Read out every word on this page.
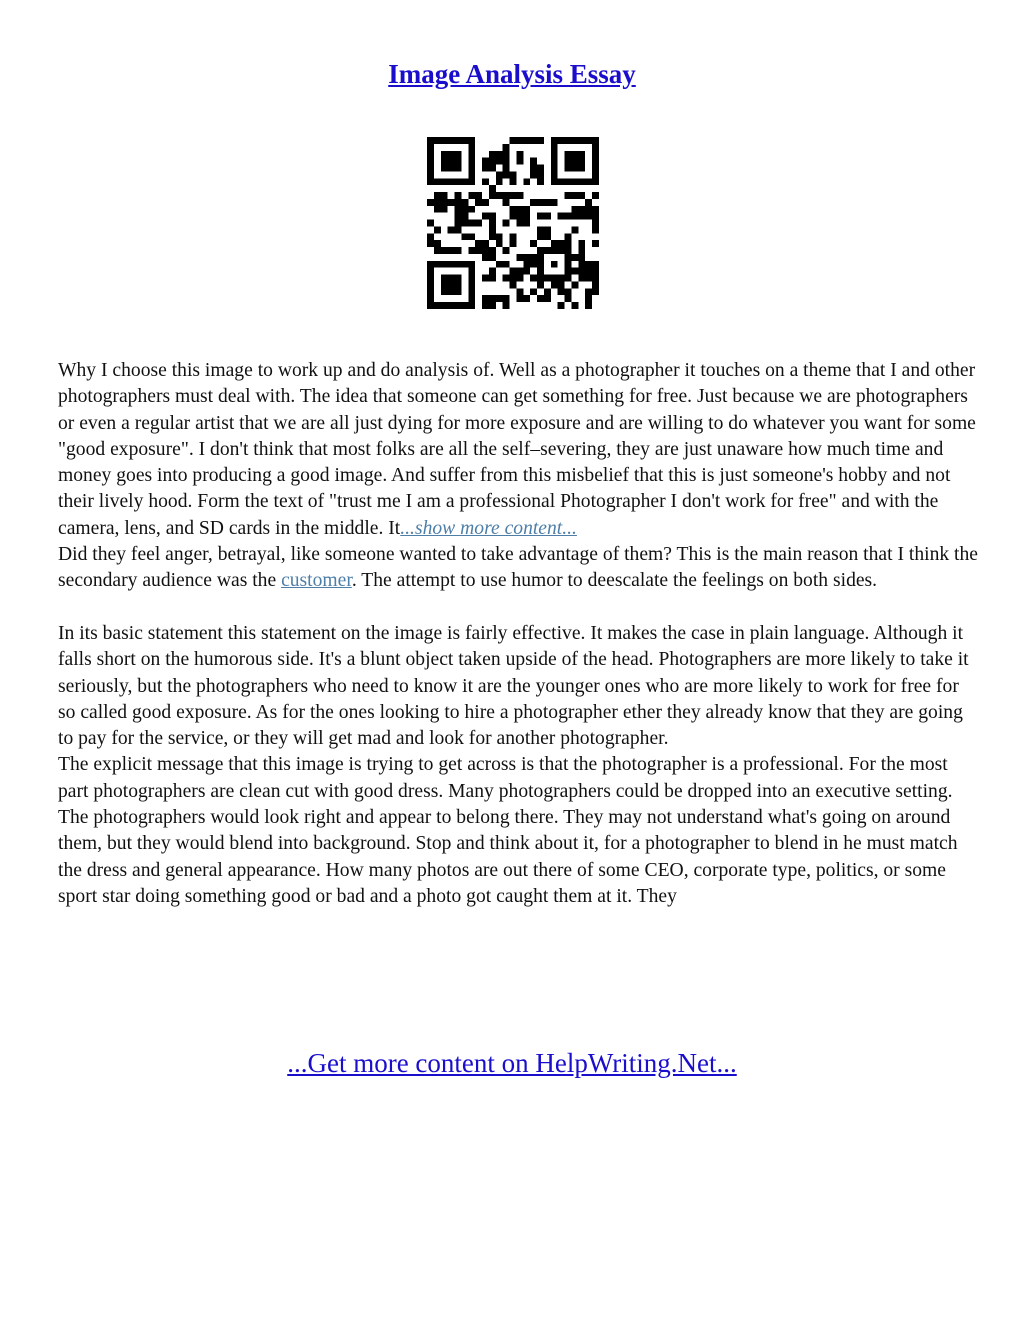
Image Analysis Essay

Why I choose this image to work up and do analysis of. Well as a photographer it touches on a theme that I and other photographers must deal with. The idea that someone can get something for free. Just because we are photographers or even a regular artist that we are all just dying for more exposure and are willing to do whatever you want for some "good exposure". I don't think that most folks are all the self–severing, they are just unaware how much time and money goes into producing a good image. And suffer from this misbelief that this is just someone's hobby and not their lively hood. Form the text of "trust me I am a professional Photographer I don't work for free" and with the camera, lens, and SD cards in the middle. It...show more content...

Did they feel anger, betrayal, like someone wanted to take advantage of them? This is the main reason that I think the secondary audience was the customer. The attempt to use humor to deescalate the feelings on both sides.

In its basic statement this statement on the image is fairly effective. It makes the case in plain language. Although it falls short on the humorous side. It's a blunt object taken upside of the head. Photographers are more likely to take it seriously, but the photographers who need to know it are the younger ones who are more likely to work for free for so called good exposure. As for the ones looking to hire a photographer ether they already know that they are going to pay for the service, or they will get mad and look for another photographer.

The explicit message that this image is trying to get across is that the photographer is a professional. For the most part photographers are clean cut with good dress. Many photographers could be dropped into an executive setting. The photographers would look right and appear to belong there. They may not understand what's going on around them, but they would blend into background. Stop and think about it, for a photographer to blend in he must match the dress and general appearance. How many photos are out there of some CEO, corporate type, politics, or some sport star doing something good or bad and a photo got caught them at it. They

...Get more content on HelpWriting.Net...
